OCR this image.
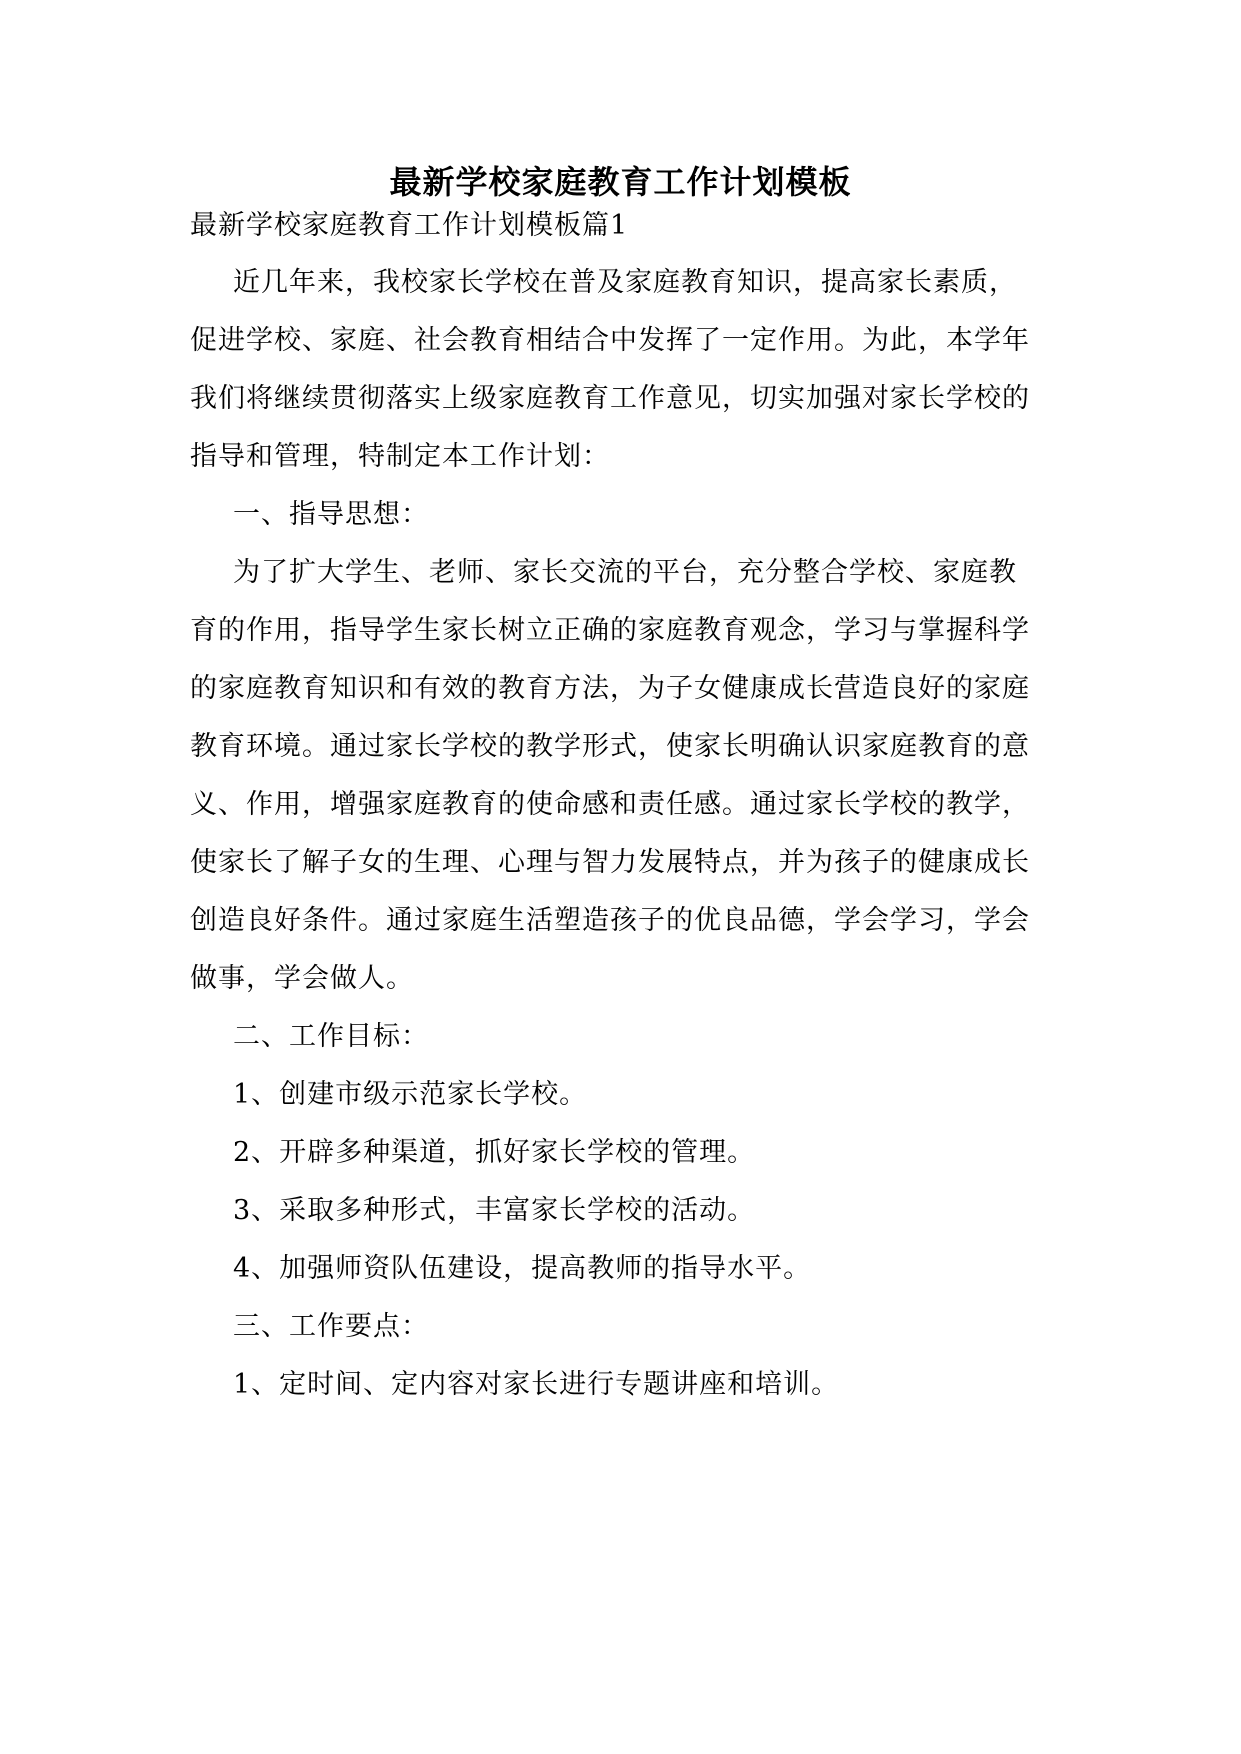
最新学校家庭教育工作计划模板
最新学校家庭教育工作计划模板篇1
近几年来，我校家长学校在普及家庭教育知识，提高家长素质，
促进学校、家庭、社会教育相结合中发挥了一定作用。为此，本学年
我们将继续贯彻落实上级家庭教育工作意见，切实加强对家长学校的
指导和管理，特制定本工作计划：
一、指导思想：
为了扩大学生、老师、家长交流的平台，充分整合学校、家庭教
育的作用，指导学生家长树立正确的家庭教育观念，学习与掌握科学
的家庭教育知识和有效的教育方法，为子女健康成长营造良好的家庭
教育环境。通过家长学校的教学形式，使家长明确认识家庭教育的意
义、作用，增强家庭教育的使命感和责任感。通过家长学校的教学，
使家长了解子女的生理、心理与智力发展特点，并为孩子的健康成长
创造良好条件。通过家庭生活塑造孩子的优良品德，学会学习，学会
做事，学会做人。
二、工作目标：
1、创建市级示范家长学校。
2、开辟多种渠道，抓好家长学校的管理。
3、采取多种形式，丰富家长学校的活动。
4、加强师资队伍建设，提高教师的指导水平。
三、工作要点：
1、定时间、定内容对家长进行专题讲座和培训。
